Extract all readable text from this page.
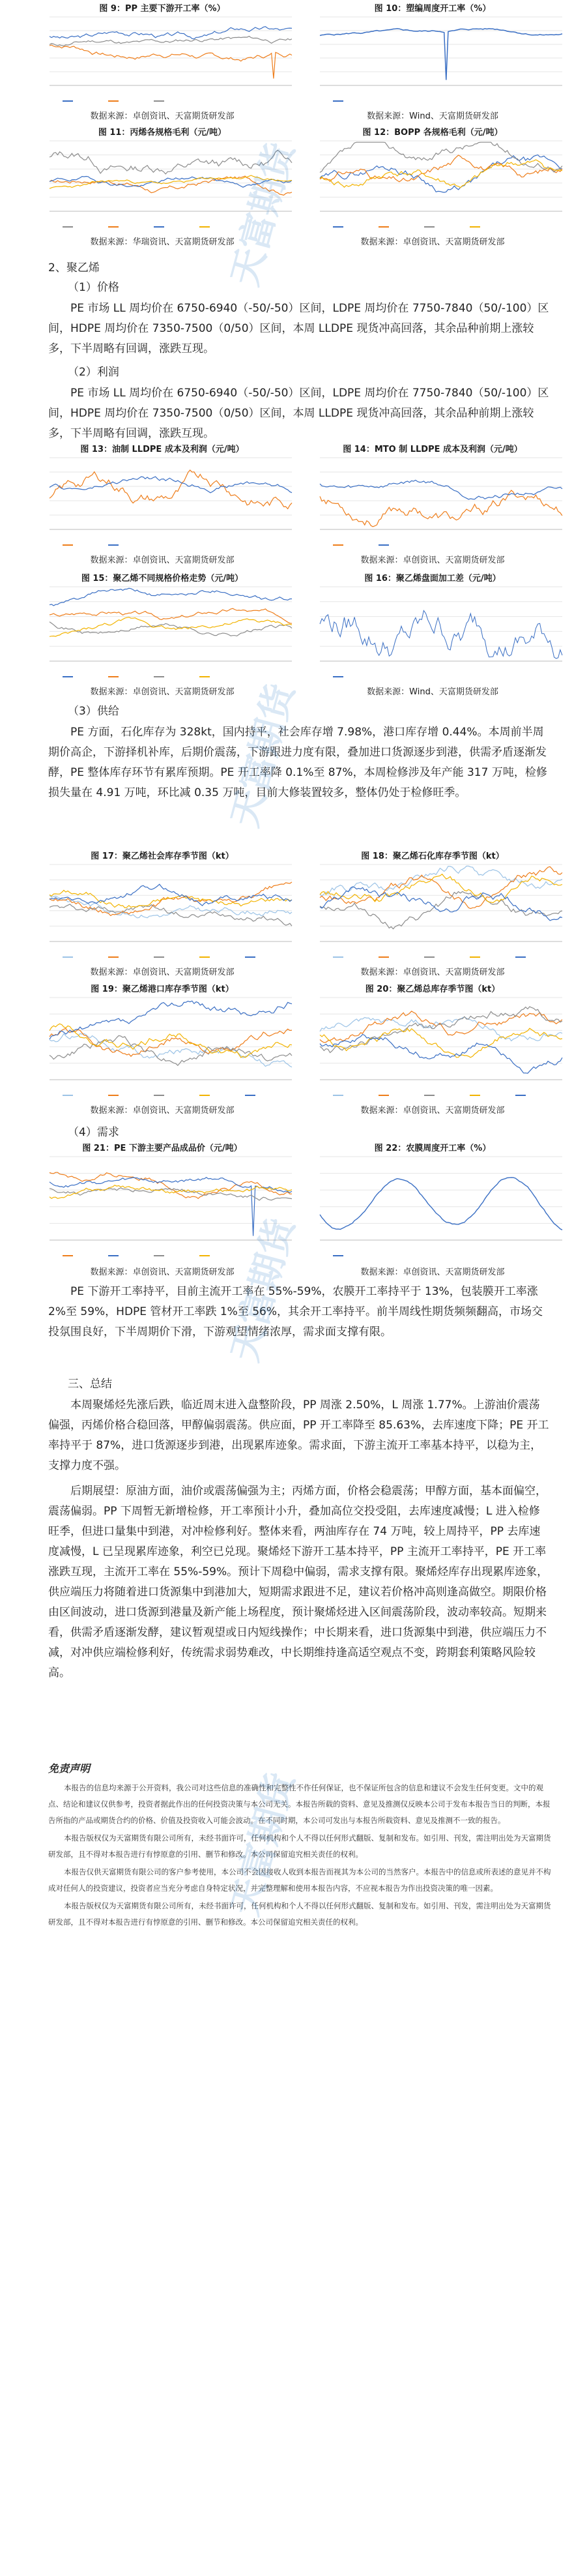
图 9：PP 主要下游开工率（%）
数据来源：卓创资讯、天富期货研发部
图 10：塑编周度开工率（%）
数据来源：Wind、天富期货研发部
图 11：丙烯各规格毛利（元/吨）
数据来源：华瑞资讯、天富期货研发部
图 12：BOPP 各规格毛利（元/吨）
数据来源：卓创资讯、天富期货研发部
2、聚乙烯
（1）价格

PE 市场 LL 周均价在 6750-6940（-50/-50）区间，LDPE 周均价在 7750-7840（50/-100）区间，HDPE 周均价在 7350-7500（0/50）区间，本周 LLDPE 现货冲高回落，其余品种前期上涨较多，下半周略有回调，涨跌互现。

（2）利润

PE 市场 LL 周均价在 6750-6940（-50/-50）区间，LDPE 周均价在 7750-7840（50/-100）区间，HDPE 周均价在 7350-7500（0/50）区间，本周 LLDPE 现货冲高回落，其余品种前期上涨较多，下半周略有回调，涨跌互现。

图 13：油制 LLDPE 成本及利润（元/吨）
数据来源：卓创资讯、天富期货研发部
图 14：MTO 制 LLDPE 成本及利润（元/吨）
数据来源：卓创资讯、天富期货研发部
图 15：聚乙烯不同规格价格走势（元/吨）
数据来源：卓创资讯、天富期货研发部
图 16：聚乙烯盘面加工差（元/吨）
数据来源：Wind、天富期货研发部
（3）供给

PE 方面，石化库存为 328kt，国内持平，社会库存增 7.98%，港口库存增 0.44%。本周前半周期价高企，下游择机补库，后期价震荡，下游跟进力度有限，叠加进口货源逐步到港，供需矛盾逐渐发酵，PE 整体库存环节有累库预期。PE 开工率降 0.1%至 87%，本周检修涉及年产能 317 万吨，检修损失量在 4.91 万吨，环比减 0.35 万吨，目前大修装置较多，整体仍处于检修旺季。

图 17：聚乙烯社会库存季节图（kt）
数据来源：卓创资讯、天富期货研发部
图 18：聚乙烯石化库存季节图（kt）
数据来源：卓创资讯、天富期货研发部
图 19：聚乙烯港口库存季节图（kt）
数据来源：卓创资讯、天富期货研发部
图 20：聚乙烯总库存季节图（kt）
数据来源：卓创资讯、天富期货研发部
（4）需求
图 21：PE 下游主要产品成品价（元/吨）
数据来源：卓创资讯、天富期货研发部
图 22：农膜周度开工率（%）
数据来源：卓创资讯、天富期货研发部

PE 下游开工率持平，目前主流开工率在 55%-59%，农膜开工率持平于 13%，包装膜开工率涨 2%至 59%，HDPE 管材开工率跌 1%至 56%，其余开工率持平。前半周线性期货频频翻高，市场交投氛围良好，下半周期价下滑，下游观望情绪浓厚，需求面支撑有限。

三、总结

本周聚烯烃先涨后跌，临近周末进入盘整阶段，PP 周涨 2.50%，L 周涨 1.77%。上游油价震荡偏强，丙烯价格合稳回落，甲醇偏弱震荡。供应面，PP 开工率降至 85.63%，去库速度下降；PE 开工率持平于 87%，进口货源逐步到港，出现累库迹象。需求面，下游主流开工率基本持平，以稳为主，支撑力度不强。

后期展望：原油方面，油价或震荡偏强为主；丙烯方面，价格会稳震荡；甲醇方面，基本面偏空，震荡偏弱。PP 下周暂无新增检修，开工率预计小升，叠加高位交投受阻，去库速度减慢；L 进入检修旺季，但进口量集中到港，对冲检修利好。整体来看，两油库存在 74 万吨，较上周持平，PP 去库速度减慢，L 已呈现累库迹象，利空已兑现。聚烯烃下游开工基本持平，PP 主流开工率持平，PE 开工率涨跌互现，主流开工率在 55%-59%。预计下周稳中偏弱，需求支撑有限。聚烯烃库存出现累库迹象，供应端压力将随着进口货源集中到港加大，短期需求跟进不足，建议若价格冲高则逢高做空。期限价格由区间波动，进口货源到港量及新产能上场程度，预计聚烯烃进入区间震荡阶段，波动率较高。短期来看，供需矛盾逐渐发酵，建议暂观望或日内短线操作；中长期来看，进口货源集中到港，供应端压力不减，对冲供应端检修利好，传统需求弱势难改，中长期维持逢高适空观点不变，跨期套利策略风险较高。

免责声明

本报告的信息均来源于公开资料，我公司对这些信息的准确性和完整性不作任何保证，也不保证所包含的信息和建议不会发生任何变更。文中的观点、结论和建议仅供参考，投资者据此作出的任何投资决策与本公司无关。本报告所载的资料、意见及推测仅反映本公司于发布本报告当日的判断，本报告所指的产品或期货合约的价格、价值及投资收入可能会波动。在不同时期，本公司可发出与本报告所载资料、意见及推测不一致的报告。

本报告版权仅为天富期货有限公司所有，未经书面许可，任何机构和个人不得以任何形式翻版、复制和发布。如引用、刊发，需注明出处为天富期货研发部，且不得对本报告进行有悖原意的引用、删节和修改。本公司保留追究相关责任的权利。

本报告仅供天富期货有限公司的客户参考使用，本公司不会因接收人收到本报告而视其为本公司的当然客户。本报告中的信息或所表述的意见并不构成对任何人的投资建议，投资者应当充分考虑自身特定状况，并完整理解和使用本报告内容，不应视本报告为作出投资决策的唯一因素。

本报告版权仅为天富期货有限公司所有，未经书面许可，任何机构和个人不得以任何形式翻版、复制和发布。如引用、刊发，需注明出处为天富期货研发部，且不得对本报告进行有悖原意的引用、删节和修改。本公司保留追究相关责任的权利。

天富期货
天富期货
天富期货
天富期货
